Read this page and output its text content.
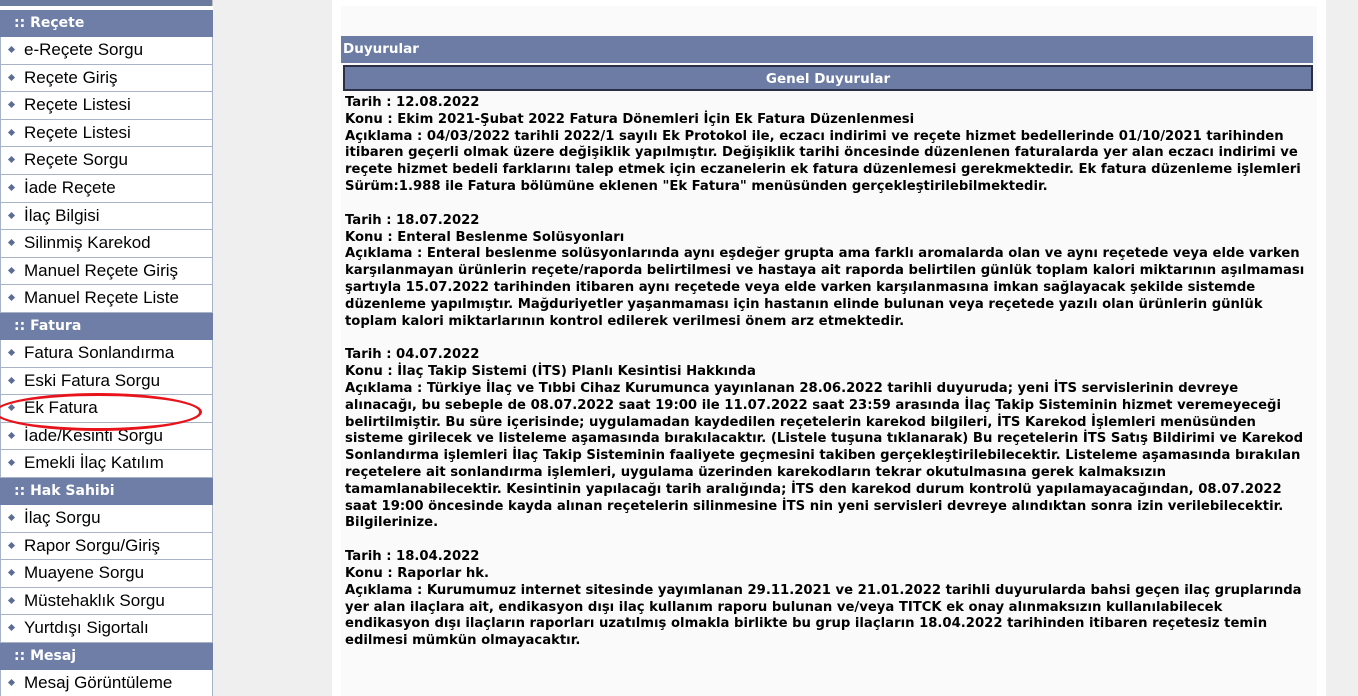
:: Reçete
e-Reçete Sorgu
Reçete Giriş
Reçete Listesi
Reçete Listesi
Reçete Sorgu
İade Reçete
İlaç Bilgisi
Silinmiş Karekod
Manuel Reçete Giriş
Manuel Reçete Liste
:: Fatura
Fatura Sonlandırma
Eski Fatura Sorgu
Ek Fatura
İade/Kesinti Sorgu
Emekli İlaç Katılım
:: Hak Sahibi
İlaç Sorgu
Rapor Sorgu/Giriş
Muayene Sorgu
Müstehaklık Sorgu
Yurtdışı Sigortalı
:: Mesaj
Mesaj Görüntüleme
Duyurular
Genel Duyurular
Tarih : 12.08.2022
Konu : Ekim 2021-Şubat 2022 Fatura Dönemleri İçin Ek Fatura Düzenlenmesi
Açıklama : 04/03/2022 tarihli 2022/1 sayılı Ek Protokol ile, eczacı indirimi ve reçete hizmet bedellerinde 01/10/2021 tarihinden itibaren geçerli olmak üzere değişiklik yapılmıştır. Değişiklik tarihi öncesinde düzenlenen faturalarda yer alan eczacı indirimi ve reçete hizmet bedeli farklarını talep etmek için eczanelerin ek fatura düzenlemesi gerekmektedir. Ek fatura düzenleme işlemleri Sürüm:1.988 ile Fatura bölümüne eklenen "Ek Fatura" menüsünden gerçekleştirilebilmektedir.
Tarih : 18.07.2022
Konu : Enteral Beslenme Solüsyonları
Açıklama : Enteral beslenme solüsyonlarında aynı eşdeğer grupta ama farklı aromalarda olan ve aynı reçetede veya elde varken karşılanmayan ürünlerin reçete/raporda belirtilmesi ve hastaya ait raporda belirtilen günlük toplam kalori miktarının aşılmaması şartıyla 15.07.2022 tarihinden itibaren aynı reçetede veya elde varken karşılanmasına imkan sağlayacak şekilde sistemde düzenleme yapılmıştır. Mağduriyetler yaşanmaması için hastanın elinde bulunan veya reçetede yazılı olan ürünlerin günlük toplam kalori miktarlarının kontrol edilerek verilmesi önem arz etmektedir.
Tarih : 04.07.2022
Konu : İlaç Takip Sistemi (İTS) Planlı Kesintisi Hakkında
Açıklama : Türkiye İlaç ve Tıbbi Cihaz Kurumunca yayınlanan 28.06.2022 tarihli duyuruda; yeni İTS servislerinin devreye alınacağı, bu sebeple de 08.07.2022 saat 19:00 ile 11.07.2022 saat 23:59 arasında İlaç Takip Sisteminin hizmet veremeyeceği belirtilmiştir. Bu süre içerisinde; uygulamadan kaydedilen reçetelerin karekod bilgileri, İTS Karekod İşlemleri menüsünden sisteme girilecek ve listeleme aşamasında bırakılacaktır. (Listele tuşuna tıklanarak) Bu reçetelerin İTS Satış Bildirimi ve Karekod Sonlandırma işlemleri İlaç Takip Sisteminin faaliyete geçmesini takiben gerçekleştirilebilecektir. Listeleme aşamasında bırakılan reçetelere ait sonlandırma işlemleri, uygulama üzerinden karekodların tekrar okutulmasına gerek kalmaksızın tamamlanabilecektir. Kesintinin yapılacağı tarih aralığında; İTS den karekod durum kontrolü yapılamayacağından, 08.07.2022 saat 19:00 öncesinde kayda alınan reçetelerin silinmesine İTS nin yeni servisleri devreye alındıktan sonra izin verilebilecektir. Bilgilerinize.
Tarih : 18.04.2022
Konu : Raporlar hk.
Açıklama : Kurumumuz internet sitesinde yayımlanan 29.11.2021 ve 21.01.2022 tarihli duyurularda bahsi geçen ilaç gruplarında yer alan ilaçlara ait, endikasyon dışı ilaç kullanım raporu bulunan ve/veya TITCK ek onay alınmaksızın kullanılabilecek endikasyon dışı ilaçların raporları uzatılmış olmakla birlikte bu grup ilaçların 18.04.2022 tarihinden itibaren reçetesiz temin edilmesi mümkün olmayacaktır.
